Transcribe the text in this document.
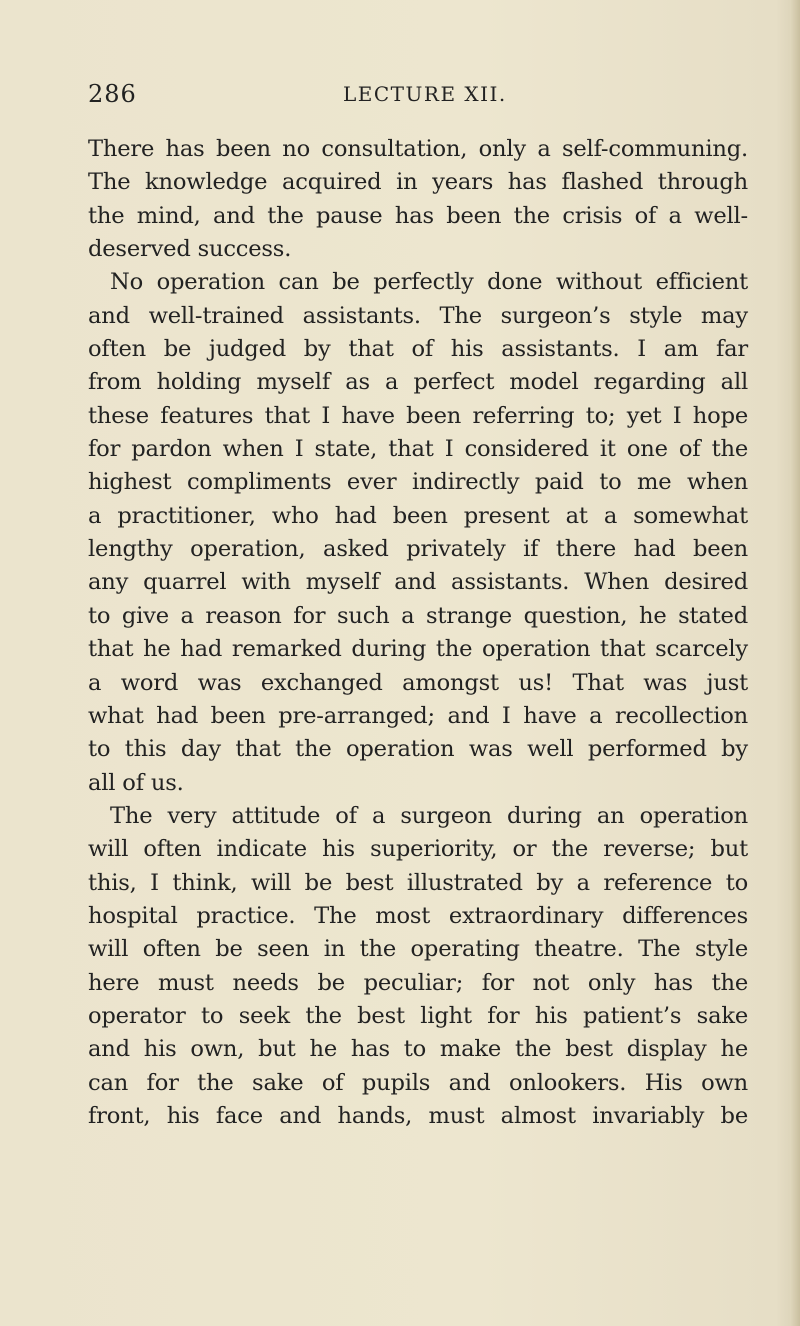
286	LECTURE XII.
There has been no consultation, only a self-communing.
The knowledge acquired in years has flashed through
the mind, and the pause has been the crisis of a well-
deserved success.
No operation can be perfectly done without efficient
and well-trained assistants. The surgeon’s style may
often be judged by that of his assistants. I am far
from holding myself as a perfect model regarding all
these features that I have been referring to; yet I hope
for pardon when I state, that I considered it one of the
highest compliments ever indirectly paid to me when
a practitioner, who had been present at a somewhat
lengthy operation, asked privately if there had been
any quarrel with myself and assistants. When desired
to give a reason for such a strange question, he stated
that he had remarked during the operation that scarcely
a word was exchanged amongst us! That was just
what had been pre-arranged; and I have a recollection
to this day that the operation was well performed by
all of us.
The very attitude of a surgeon during an operation
will often indicate his superiority, or the reverse; but
this, I think, will be best illustrated by a reference to
hospital practice. The most extraordinary differences
will often be seen in the operating theatre. The style
here must needs be peculiar; for not only has the
operator to seek the best light for his patient’s sake
and his own, but he has to make the best display he
can for the sake of pupils and onlookers. His own
front, his face and hands, must almost invariably be
